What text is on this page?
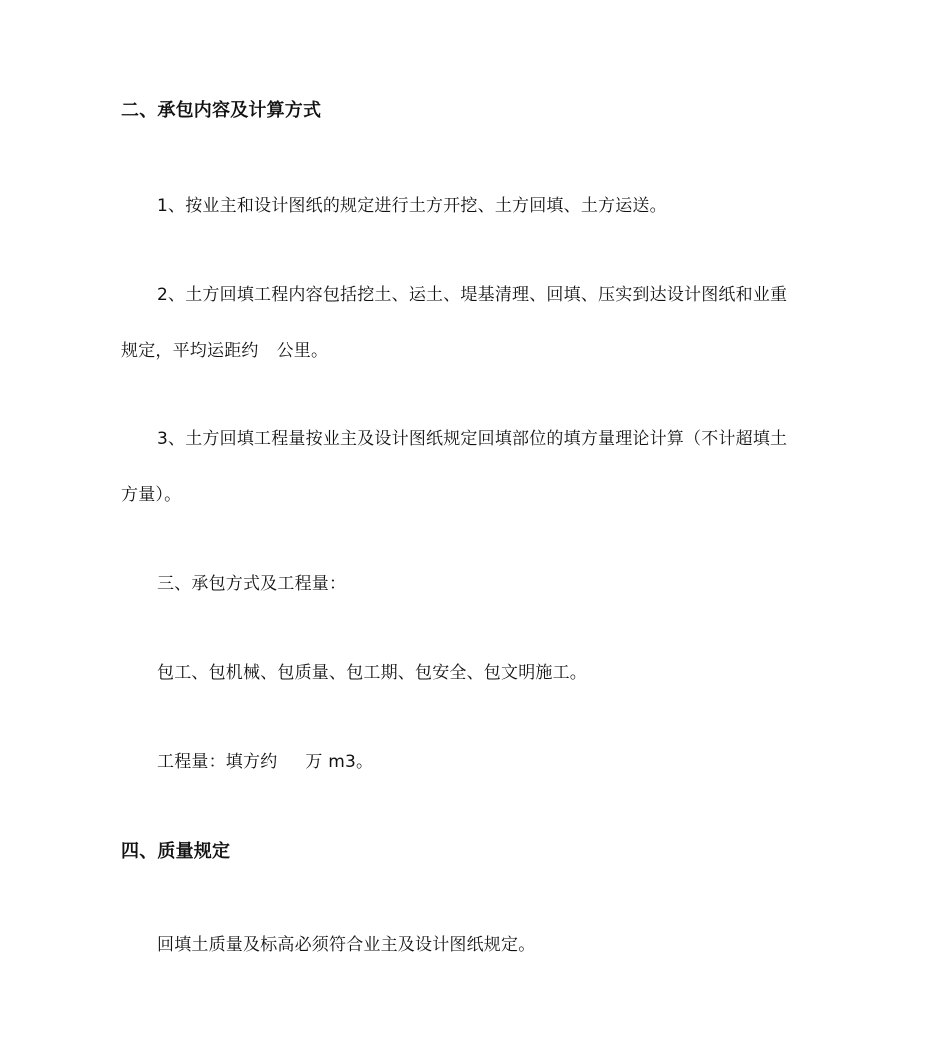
二、承包内容及计算方式
1、按业主和设计图纸的规定进行土方开挖、土方回填、土方运送。
2、土方回填工程内容包括挖土、运土、堤基清理、回填、压实到达设计图纸和业重
规定，平均运距约 公里。
3、土方回填工程量按业主及设计图纸规定回填部位的填方量理论计算（不计超填土
方量）。
三、承包方式及工程量：
包工、包机械、包质量、包工期、包安全、包文明施工。
工程量：填方约 万 m3。
四、质量规定
回填土质量及标高必须符合业主及设计图纸规定。
